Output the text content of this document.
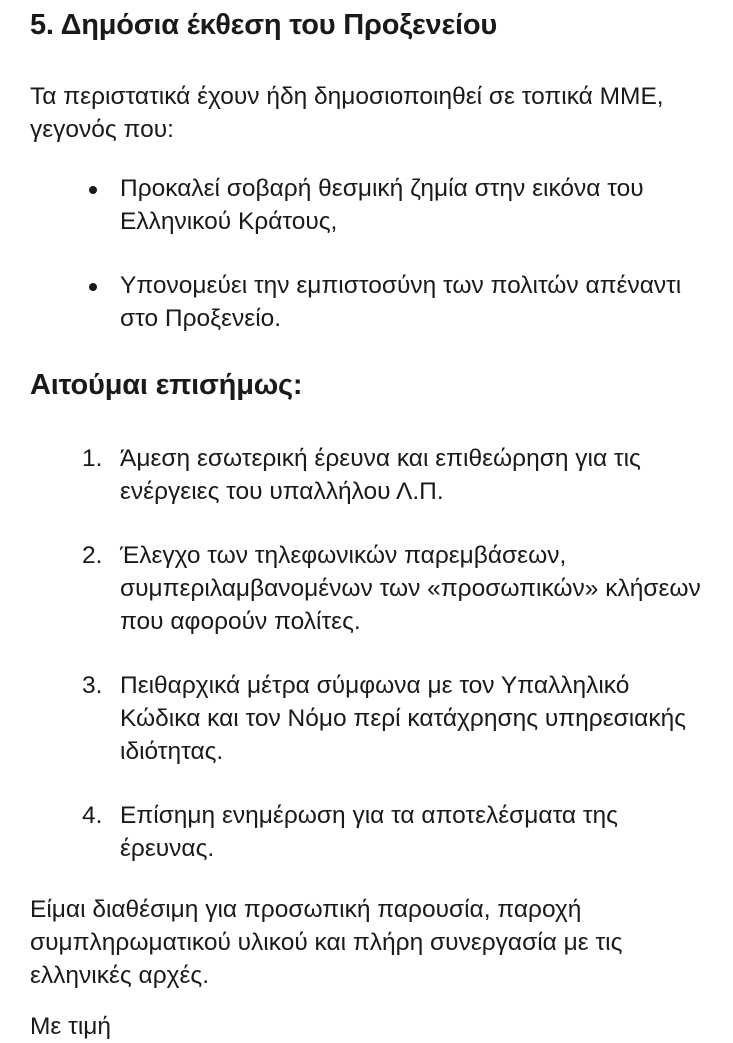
5. Δημόσια έκθεση του Προξενείου

Τα περιστατικά έχουν ήδη δημοσιοποιηθεί σε τοπικά ΜΜΕ, γεγονός που:

Προκαλεί σοβαρή θεσμική ζημία στην εικόνα του Ελληνικού Κράτους,
Υπονομεύει την εμπιστοσύνη των πολιτών απέναντι στο Προξενείο.
Αιτούμαι επισήμως:
1. Άμεση εσωτερική έρευνα και επιθεώρηση για τις ενέργειες του υπαλλήλου Λ.Π.
2. Έλεγχο των τηλεφωνικών παρεμβάσεων, συμπεριλαμβανομένων των «προσωπικών» κλήσεων που αφορούν πολίτες.
3. Πειθαρχικά μέτρα σύμφωνα με τον Υπαλληλικό Κώδικα και τον Νόμο περί κατάχρησης υπηρεσιακής ιδιότητας.
4. Επίσημη ενημέρωση για τα αποτελέσματα της έρευνας.

Είμαι διαθέσιμη για προσωπική παρουσία, παροχή συμπληρωματικού υλικού και πλήρη συνεργασία με τις ελληνικές αρχές.

Με τιμή
